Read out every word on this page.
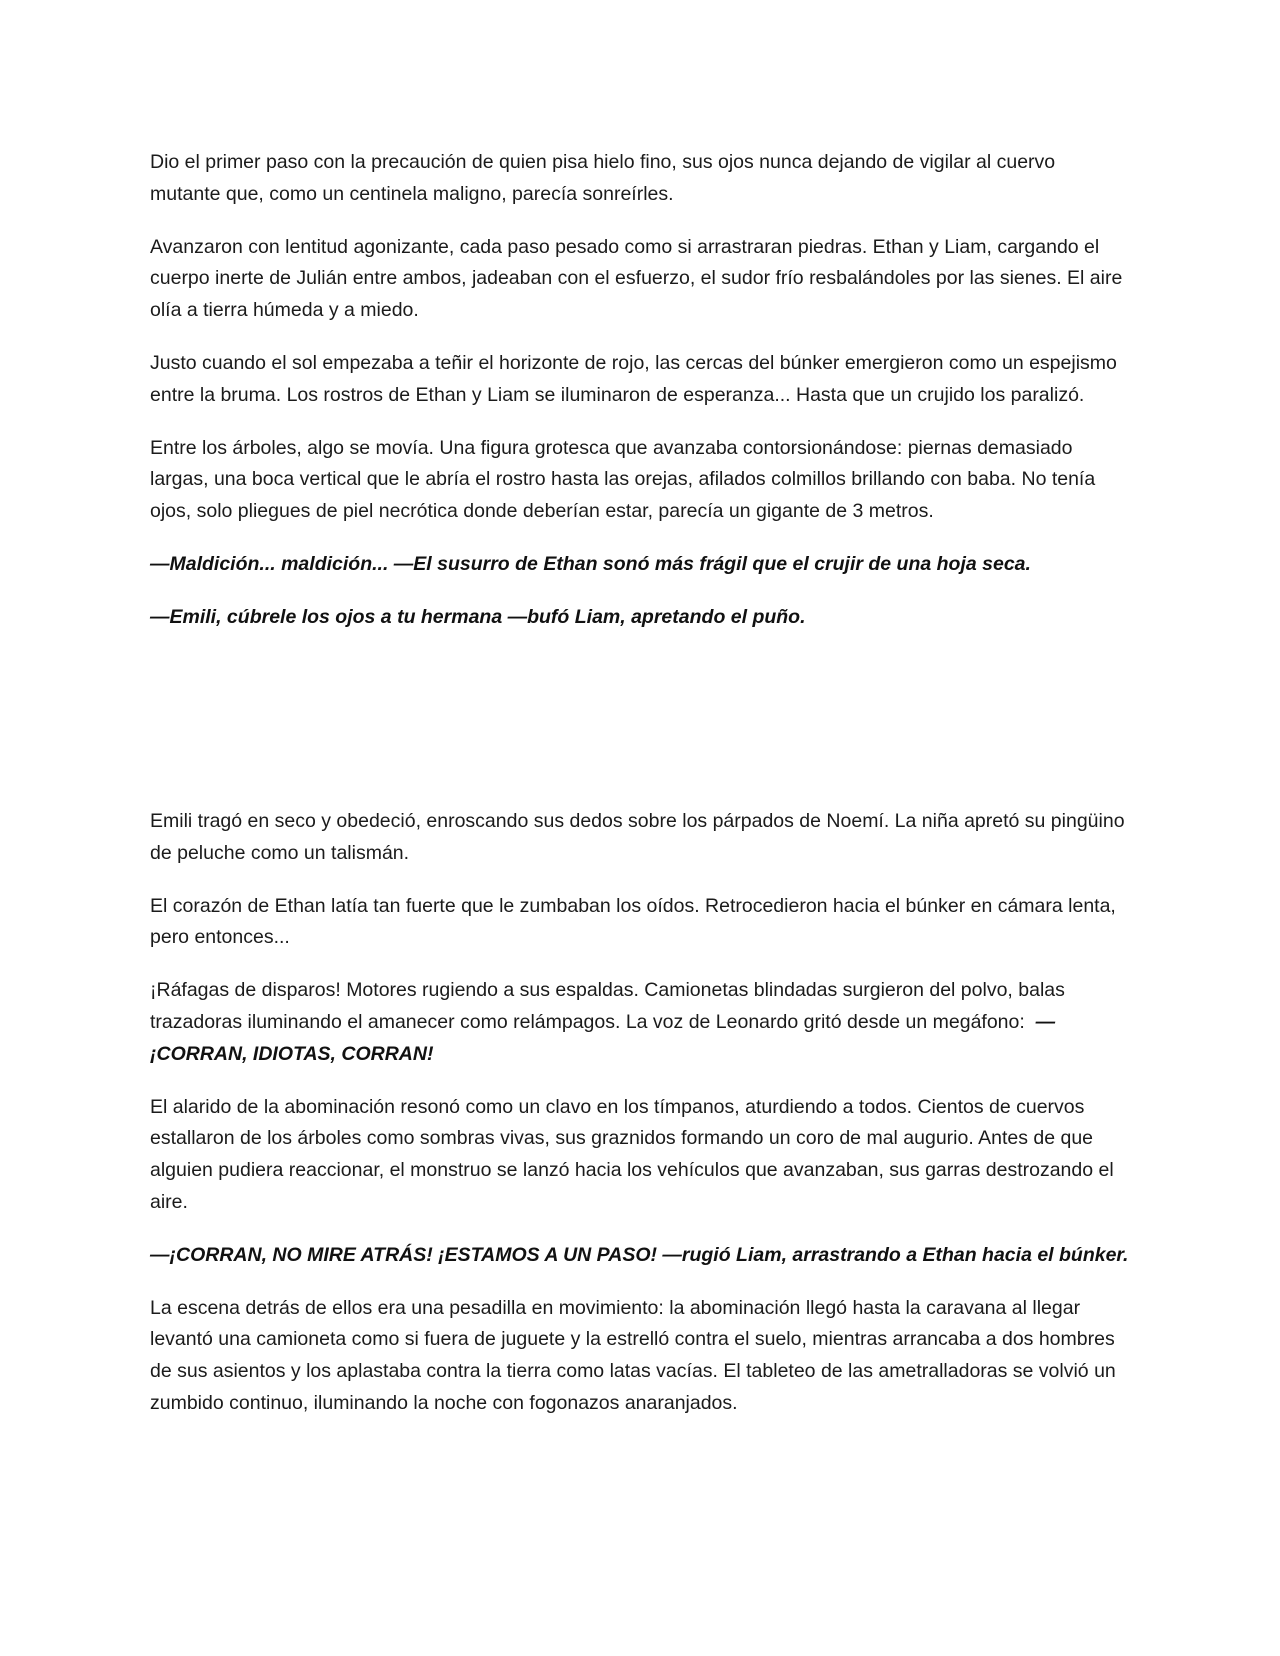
Dio el primer paso con la precaución de quien pisa hielo fino, sus ojos nunca dejando de vigilar al cuervo mutante que, como un centinela maligno, parecía sonreírles.

Avanzaron con lentitud agonizante, cada paso pesado como si arrastraran piedras. Ethan y Liam, cargando el cuerpo inerte de Julián entre ambos, jadeaban con el esfuerzo, el sudor frío resbalándoles por las sienes. El aire olía a tierra húmeda y a miedo.

Justo cuando el sol empezaba a teñir el horizonte de rojo, las cercas del búnker emergieron como un espejismo entre la bruma. Los rostros de Ethan y Liam se iluminaron de esperanza... Hasta que un crujido los paralizó.

Entre los árboles, algo se movía. Una figura grotesca que avanzaba contorsionándose: piernas demasiado largas, una boca vertical que le abría el rostro hasta las orejas, afilados colmillos brillando con baba. No tenía ojos, solo pliegues de piel necrótica donde deberían estar, parecía un gigante de 3 metros.

—Maldición... maldición... —El susurro de Ethan sonó más frágil que el crujir de una hoja seca.

—Emili, cúbrele los ojos a tu hermana —bufó Liam, apretando el puño.

Emili tragó en seco y obedeció, enroscando sus dedos sobre los párpados de Noemí. La niña apretó su pingüino de peluche como un talismán.

El corazón de Ethan latía tan fuerte que le zumbaban los oídos. Retrocedieron hacia el búnker en cámara lenta, pero entonces...

¡Ráfagas de disparos! Motores rugiendo a sus espaldas. Camionetas blindadas surgieron del polvo, balas trazadoras iluminando el amanecer como relámpagos. La voz de Leonardo gritó desde un megáfono: — ¡CORRAN, IDIOTAS, CORRAN!

El alarido de la abominación resonó como un clavo en los tímpanos, aturdiendo a todos. Cientos de cuervos estallaron de los árboles como sombras vivas, sus graznidos formando un coro de mal augurio. Antes de que alguien pudiera reaccionar, el monstruo se lanzó hacia los vehículos que avanzaban, sus garras destrozando el aire.

—¡CORRAN, NO MIRE ATRÁS! ¡ESTAMOS A UN PASO! —rugió Liam, arrastrando a Ethan hacia el búnker.

La escena detrás de ellos era una pesadilla en movimiento: la abominación llegó hasta la caravana al llegar levantó una camioneta como si fuera de juguete y la estrelló contra el suelo, mientras arrancaba a dos hombres de sus asientos y los aplastaba contra la tierra como latas vacías. El tableteo de las ametralladoras se volvió un zumbido continuo, iluminando la noche con fogonazos anaranjados.
